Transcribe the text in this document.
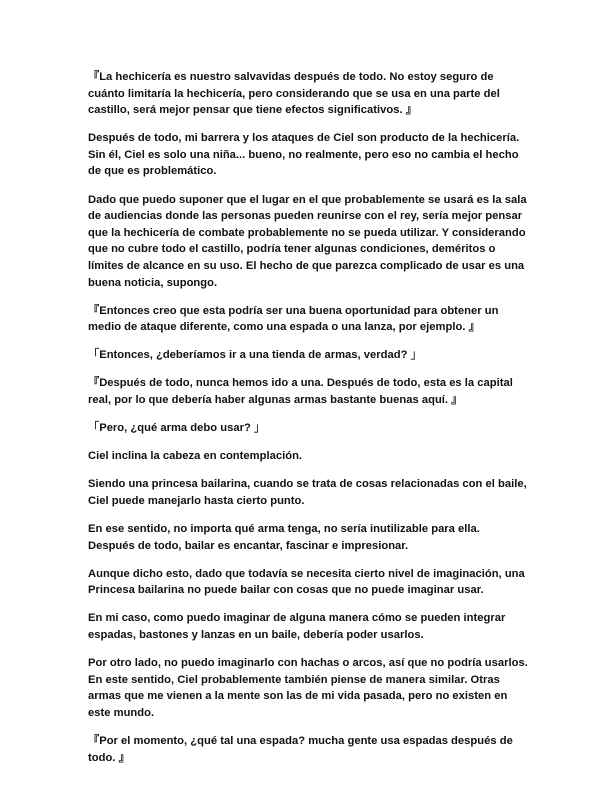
『La hechicería es nuestro salvavidas después de todo. No estoy seguro de cuánto limitaría la hechicería, pero considerando que se usa en una parte del castillo, será mejor pensar que tiene efectos significativos. 』

Después de todo, mi barrera y los ataques de Ciel son producto de la hechicería. Sin él, Ciel es solo una niña... bueno, no realmente, pero eso no cambia el hecho de que es problemático.

Dado que puedo suponer que el lugar en el que probablemente se usará es la sala de audiencias donde las personas pueden reunirse con el rey, sería mejor pensar que la hechicería de combate probablemente no se pueda utilizar. Y considerando que no cubre todo el castillo, podría tener algunas condiciones, deméritos o límites de alcance en su uso. El hecho de que parezca complicado de usar es una buena noticia, supongo.

『Entonces creo que esta podría ser una buena oportunidad para obtener un medio de ataque diferente, como una espada o una lanza, por ejemplo. 』

「Entonces, ¿deberíamos ir a una tienda de armas, verdad? 」

『Después de todo, nunca hemos ido a una. Después de todo, esta es la capital real, por lo que debería haber algunas armas bastante buenas aquí. 』

「Pero, ¿qué arma debo usar? 」

Ciel inclina la cabeza en contemplación.

Siendo una princesa bailarina, cuando se trata de cosas relacionadas con el baile, Ciel puede manejarlo hasta cierto punto.

En ese sentido, no importa qué arma tenga, no sería inutilizable para ella. Después de todo, bailar es encantar, fascinar e impresionar.

Aunque dicho esto, dado que todavía se necesita cierto nivel de imaginación, una Princesa bailarina no puede bailar con cosas que no puede imaginar usar.

En mi caso, como puedo imaginar de alguna manera cómo se pueden integrar espadas, bastones y lanzas en un baile, debería poder usarlos.

Por otro lado, no puedo imaginarlo con hachas o arcos, así que no podría usarlos. En este sentido, Ciel probablemente también piense de manera similar. Otras armas que me vienen a la mente son las de mi vida pasada, pero no existen en este mundo.

『Por el momento, ¿qué tal una espada? mucha gente usa espadas después de todo. 』
